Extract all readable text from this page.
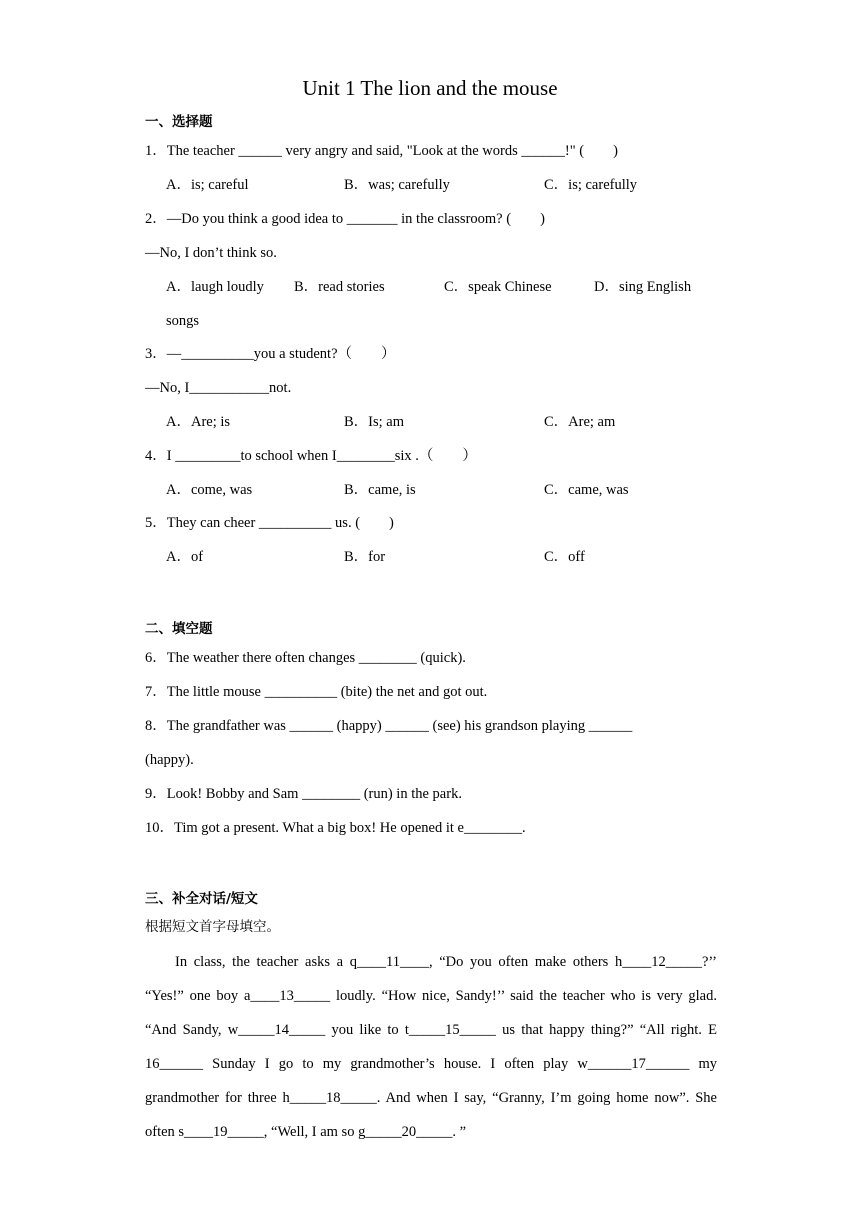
Unit 1 The lion and the mouse
一、选择题
1．The teacher ______ very angry and said, "Look at the words ______!" (　　)
A．is; careful	B．was; carefully	C．is; carefully
2．—Do you think a good idea to _______ in the classroom? (　　)
—No, I don’t think so.
A．laugh loudly B．read stories	C．speak Chinese	D．sing English
songs
3．—__________you a student?（　　）
—No, I___________not.
A．Are; is	B．Is; am	C．Are; am
4．I _________to school when I________six .（　　）
A．come, was	B．came, is	C．came, was
5．They can cheer __________ us. (　　)
A．of	B．for	C．off
二、填空题
6．The weather there often changes ________ (quick).
7．The little mouse __________ (bite) the net and got out.
8．The grandfather was ______ (happy) ______ (see) his grandson playing ______
(happy).
9．Look! Bobby and Sam ________ (run) in the park.
10．Tim got a present. What a big box! He opened it e________.
三、补全对话/短文
根据短文首字母填空。
In class, the teacher asks a q____11____, “Do you often make others h____12_____?’’
“Yes!” one boy a____13_____ loudly. “How nice, Sandy!’’ said the teacher who is very glad.
“And Sandy, w_____14_____ you like to t_____15_____ us that happy thing?” “All right. E
16______ Sunday I go to my grandmother’s house. I often play w______17______ my
grandmother for three h_____18_____. And when I say, “Granny, I’m going home now”. She
often s____19_____, “Well, I am so g_____20_____. ”
